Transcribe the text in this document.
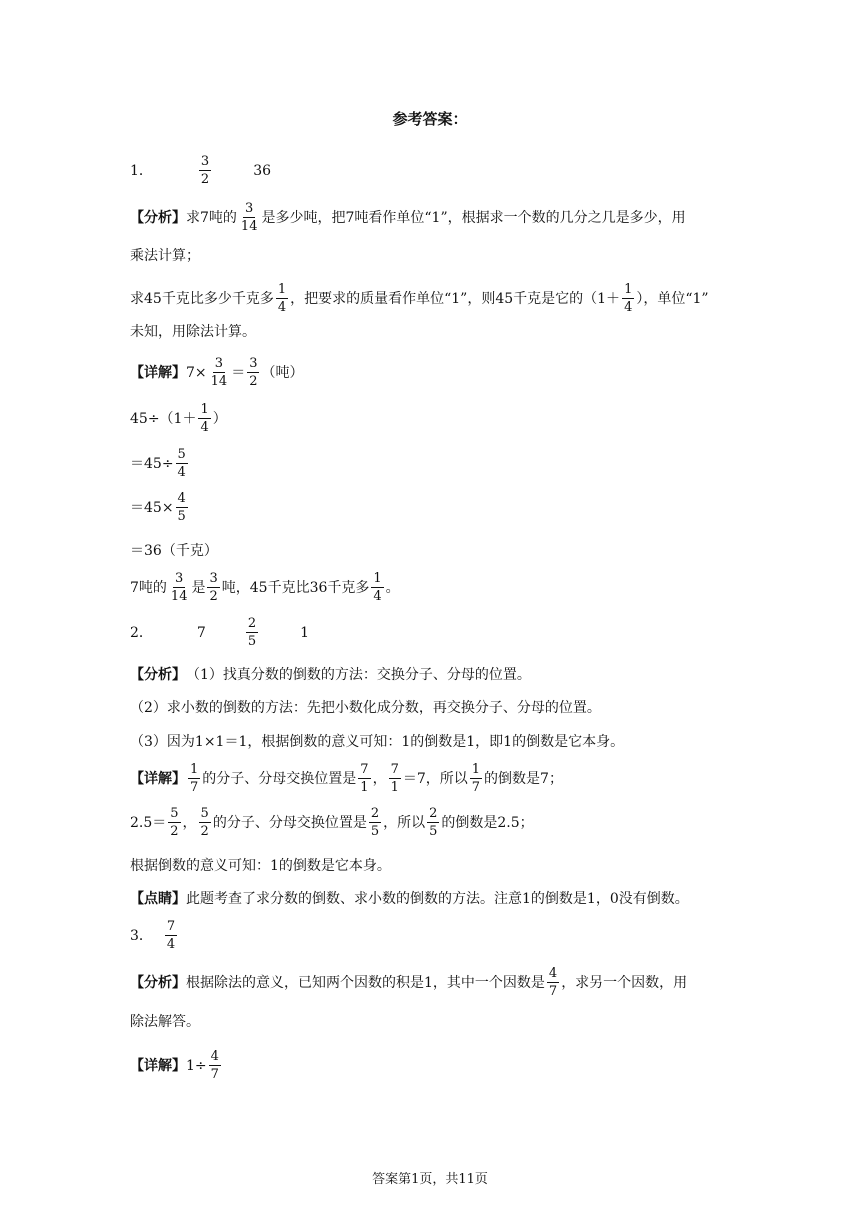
参考答案：
1．	$\frac{3}{2}$	36
【分析】 求7吨的 $\frac{3}{14}$ 是多少吨，把7吨看作单位“1”，根据求一个数的几分之几是多少，用
乘法计算；
求45千克比多少千克多 $\frac{1}{4}$ ，把要求的质量看作单位“1”，则45千克是它的（$1+ \frac{1}{4}$ ），单位“1”
未知，用除法计算。
【详解】 $7\times \frac{3}{14} = \frac{3}{2}$ （吨）
$45\div(1+ \frac{1}{4}$ ）
$=45\div \frac{5}{4}$
$=45\times \frac{4}{5}$
＝36（千克）
7吨的 $\frac{3}{14}$ 是 $\frac{3}{2}$ 吨，45千克比36千克多 $\frac{1}{4}$ 。
2．	7	$\frac{2}{5}$	1
【分析】 （1）找真分数的倒数的方法：交换分子、分母的位置。
（2）求小数的倒数的方法：先把小数化成分数，再交换分子、分母的位置。
（3）因为1×1＝1，根据倒数的意义可知：1的倒数是1，即1的倒数是它本身。
【详解】 $\frac{1}{7}$ 的分子、分母交换位置是 $\frac{7}{1}$ ， $\frac{7}{1} =7$，所以 $\frac{1}{7}$ 的倒数是7；
$2.5= \frac{5}{2}$ ， $\frac{5}{2}$ 的分子、分母交换位置是 $\frac{2}{5}$ ，所以 $\frac{2}{5}$ 的倒数是2.5；
根据倒数的意义可知：1的倒数是它本身。
【点睛】 此题考查了求分数的倒数、求小数的倒数的方法。注意1的倒数是1，0没有倒数。
3． $\frac{7}{4}$
【分析】 根据除法的意义，已知两个因数的积是1，其中一个因数是 $\frac{4}{7}$ ，求另一个因数，用
除法解答。
【详解】 $1\div \frac{4}{7}$
答案第1页，共11页
